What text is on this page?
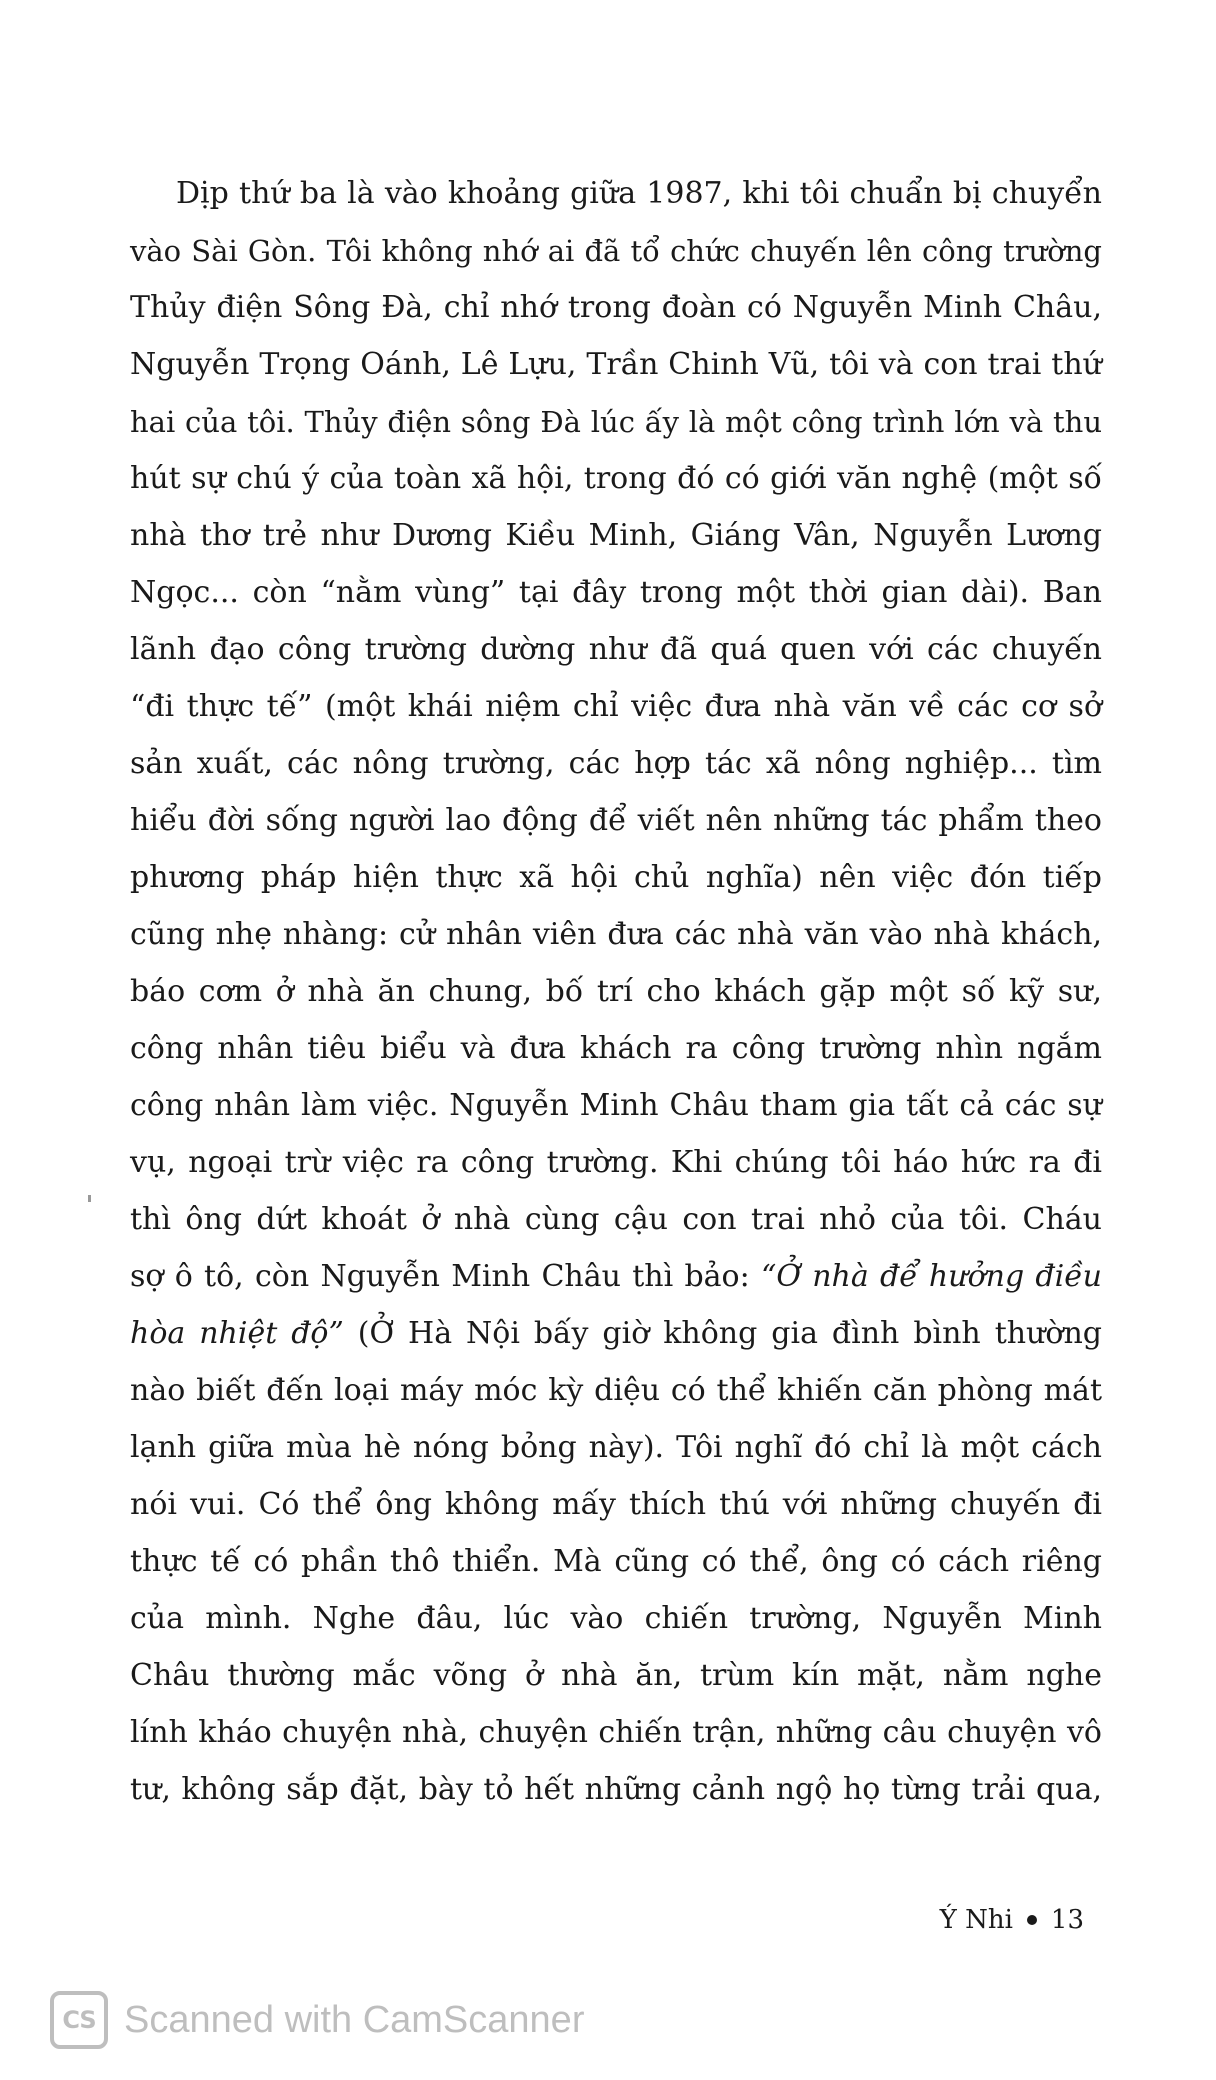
Dịp thứ ba là vào khoảng giữa 1987, khi tôi chuẩn bị chuyển
vào Sài Gòn. Tôi không nhớ ai đã tổ chức chuyến lên công trường
Thủy điện Sông Đà, chỉ nhớ trong đoàn có Nguyễn Minh Châu,
Nguyễn Trọng Oánh, Lê Lựu, Trần Chinh Vũ, tôi và con trai thứ
hai của tôi. Thủy điện sông Đà lúc ấy là một công trình lớn và thu
hút sự chú ý của toàn xã hội, trong đó có giới văn nghệ (một số
nhà thơ trẻ như Dương Kiều Minh, Giáng Vân, Nguyễn Lương
Ngọc... còn “nằm vùng” tại đây trong một thời gian dài). Ban
lãnh đạo công trường dường như đã quá quen với các chuyến
“đi thực tế” (một khái niệm chỉ việc đưa nhà văn về các cơ sở
sản xuất, các nông trường, các hợp tác xã nông nghiệp... tìm
hiểu đời sống người lao động để viết nên những tác phẩm theo
phương pháp hiện thực xã hội chủ nghĩa) nên việc đón tiếp
cũng nhẹ nhàng: cử nhân viên đưa các nhà văn vào nhà khách,
báo cơm ở nhà ăn chung, bố trí cho khách gặp một số kỹ sư,
công nhân tiêu biểu và đưa khách ra công trường nhìn ngắm
công nhân làm việc. Nguyễn Minh Châu tham gia tất cả các sự
vụ, ngoại trừ việc ra công trường. Khi chúng tôi háo hức ra đi
thì ông dứt khoát ở nhà cùng cậu con trai nhỏ của tôi. Cháu
sợ ô tô, còn Nguyễn Minh Châu thì bảo: “Ở nhà để hưởng điều
hòa nhiệt độ” (Ở Hà Nội bấy giờ không gia đình bình thường
nào biết đến loại máy móc kỳ diệu có thể khiến căn phòng mát
lạnh giữa mùa hè nóng bỏng này). Tôi nghĩ đó chỉ là một cách
nói vui. Có thể ông không mấy thích thú với những chuyến đi
thực tế có phần thô thiển. Mà cũng có thể, ông có cách riêng
của mình. Nghe đâu, lúc vào chiến trường, Nguyễn Minh
Châu thường mắc võng ở nhà ăn, trùm kín mặt, nằm nghe
lính kháo chuyện nhà, chuyện chiến trận, những câu chuyện vô
tư, không sắp đặt, bày tỏ hết những cảnh ngộ họ từng trải qua,
Ý Nhi 13
CS Scanned with CamScanner
